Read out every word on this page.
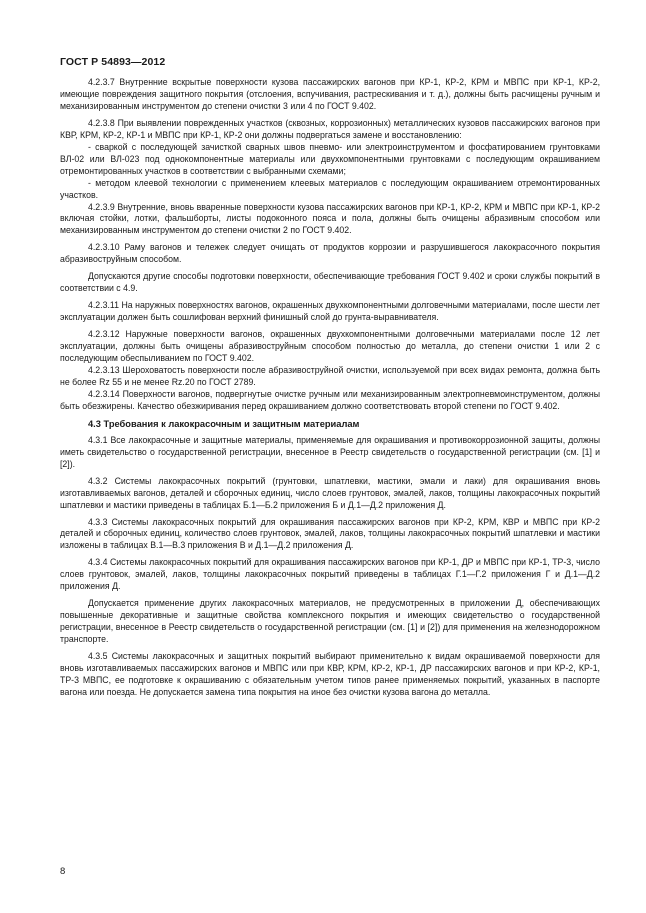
ГОСТ Р 54893—2012

4.2.3.7 Внутренние вскрытые поверхности кузова пассажирских вагонов при КР-1, КР-2, КРМ и МВПС при КР-1, КР-2, имеющие повреждения защитного покрытия (отслоения, вспучивания, растрескивания и т. д.), должны быть расчищены ручным и механизированным инструментом до степени очистки 3 или 4 по ГОСТ 9.402.

4.2.3.8 При выявлении поврежденных участков (сквозных, коррозионных) металлических кузовов пассажирских вагонов при КВР, КРМ, КР-2, КР-1 и МВПС при КР-1, КР-2 они должны подвергаться замене и восстановлению:

- сваркой с последующей зачисткой сварных швов пневмо- или электроинструментом и фосфатированием грунтовками ВЛ-02 или ВЛ-023 под однокомпонентные материалы или двухкомпонентными грунтовками с последующим окрашиванием отремонтированных участков в соответствии с выбранными схемами;

- методом клеевой технологии с применением клеевых материалов с последующим окрашиванием отремонтированных участков.

4.2.3.9 Внутренние, вновь вваренные поверхности кузова пассажирских вагонов при КР-1, КР-2, КРМ и МВПС при КР-1, КР-2 включая стойки, лотки, фальшборты, листы подоконного пояса и пола, должны быть очищены абразивным способом или механизированным инструментом до степени очистки 2 по ГОСТ 9.402.

4.2.3.10 Раму вагонов и тележек следует очищать от продуктов коррозии и разрушившегося лакокрасочного покрытия абразивоструйным способом.

Допускаются другие способы подготовки поверхности, обеспечивающие требования ГОСТ 9.402 и сроки службы покрытий в соответствии с 4.9.

4.2.3.11 На наружных поверхностях вагонов, окрашенных двухкомпонентными долговечными материалами, после шести лет эксплуатации должен быть сошлифован верхний финишный слой до грунта-выравнивателя.

4.2.3.12 Наружные поверхности вагонов, окрашенных двухкомпонентными долговечными материалами после 12 лет эксплуатации, должны быть очищены абразивоструйным способом полностью до металла, до степени очистки 1 или 2 с последующим обеспыливанием по ГОСТ 9.402.

4.2.3.13 Шероховатость поверхности после абразивоструйной очистки, используемой при всех видах ремонта, должна быть не более Rz 55 и не менее Rz.20 по ГОСТ 2789.

4.2.3.14 Поверхности вагонов, подвергнутые очистке ручным или механизированным электропневмоинструментом, должны быть обезжирены. Качество обезжиривания перед окрашиванием должно соответствовать второй степени по ГОСТ 9.402.

4.3 Требования к лакокрасочным и защитным материалам

4.3.1 Все лакокрасочные и защитные материалы, применяемые для окрашивания и противокоррозионной защиты, должны иметь свидетельство о государственной регистрации, внесенное в Реестр свидетельств о государственной регистрации (см. [1] и [2]).

4.3.2 Системы лакокрасочных покрытий (грунтовки, шпатлевки, мастики, эмали и лаки) для окрашивания вновь изготавливаемых вагонов, деталей и сборочных единиц, число слоев грунтовок, эмалей, лаков, толщины лакокрасочных покрытий шпатлевки и мастики приведены в таблицах Б.1—Б.2 приложения Б и Д.1—Д.2 приложения Д.

4.3.3 Системы лакокрасочных покрытий для окрашивания пассажирских вагонов при КР-2, КРМ, КВР и МВПС при КР-2 деталей и сборочных единиц, количество слоев грунтовок, эмалей, лаков, толщины лакокрасочных покрытий шпатлевки и мастики изложены в таблицах В.1—В.3 приложения В и Д.1—Д.2 приложения Д.

4.3.4 Системы лакокрасочных покрытий для окрашивания пассажирских вагонов при КР-1, ДР и МВПС при КР-1, ТР-3, число слоев грунтовок, эмалей, лаков, толщины лакокрасочных покрытий приведены в таблицах Г.1—Г.2 приложения Г и Д.1—Д.2 приложения Д.

Допускается применение других лакокрасочных материалов, не предусмотренных в приложении Д, обеспечивающих повышенные декоративные и защитные свойства комплексного покрытия и имеющих свидетельство о государственной регистрации, внесенное в Реестр свидетельств о государственной регистрации (см. [1] и [2]) для применения на железнодорожном транспорте.

4.3.5 Системы лакокрасочных и защитных покрытий выбирают применительно к видам окрашиваемой поверхности для вновь изготавливаемых пассажирских вагонов и МВПС или при КВР, КРМ, КР-2, КР-1, ДР пассажирских вагонов и при КР-2, КР-1, ТР-3 МВПС, ее подготовке к окрашиванию с обязательным учетом типов ранее применяемых покрытий, указанных в паспорте вагона или поезда. Не допускается замена типа покрытия на иное без очистки кузова вагона до металла.

8
